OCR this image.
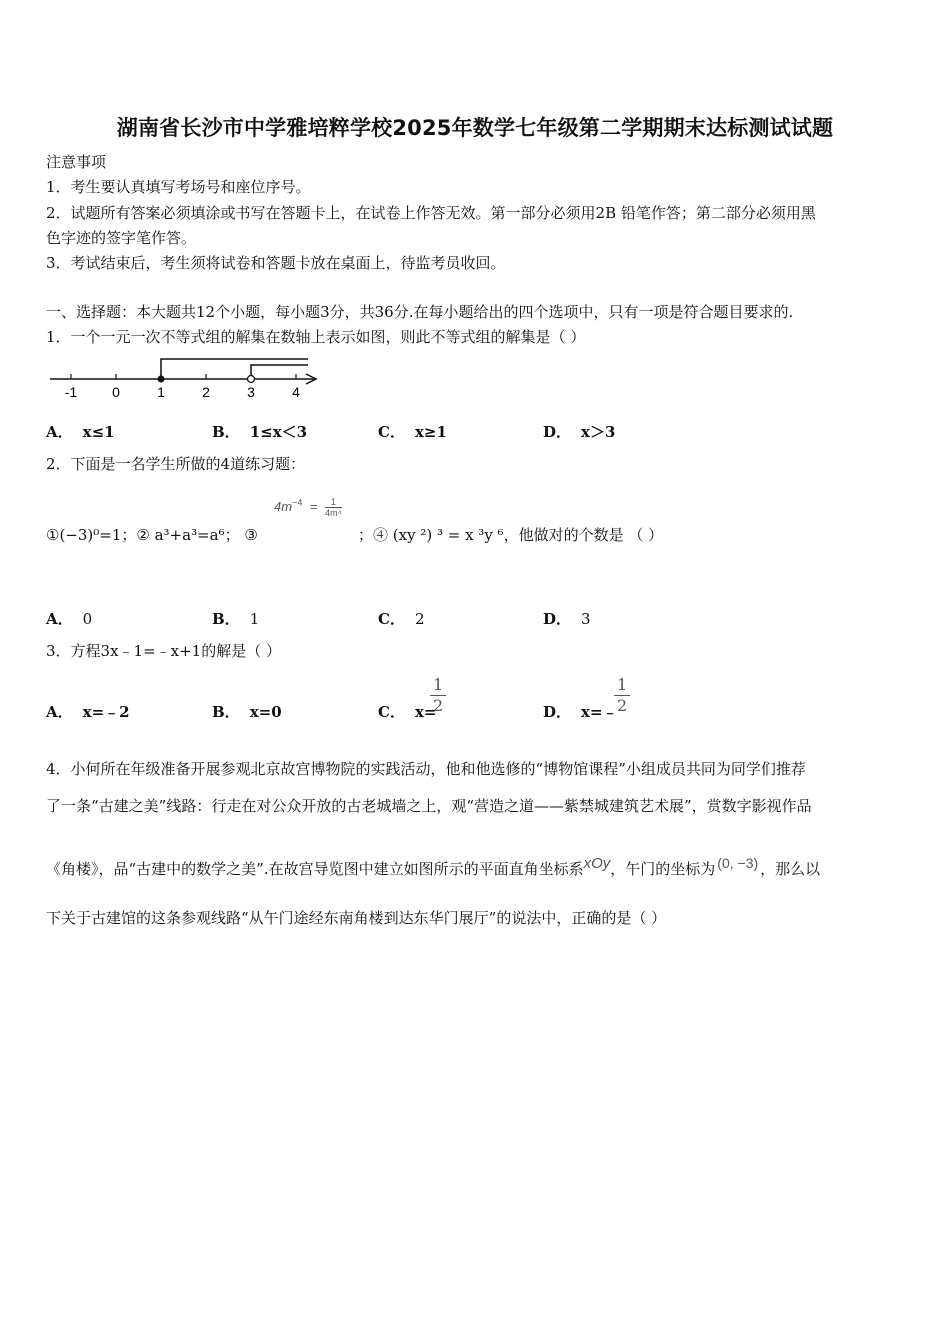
湖南省长沙市中学雅培粹学校2025年数学七年级第二学期期末达标测试试题
注意事项
1．考生要认真填写考场号和座位序号。
2．试题所有答案必须填涂或书写在答题卡上，在试卷上作答无效。第一部分必须用2B 铅笔作答；第二部分必须用黑
色字迹的签字笔作答。
3．考试结束后，考生须将试卷和答题卡放在桌面上，待监考员收回。
一、选择题：本大题共12个小题，每小题3分，共36分.在每小题给出的四个选项中，只有一项是符合题目要求的.
1．一个一元一次不等式组的解集在数轴上表示如图，则此不等式组的解集是（ ）
-1 0	1	2	3	4
A． x≤1	B． 1≤x＜3	C． x≥1	D． x＞3
2．下面是一名学生所做的4道练习题：
$4m^{-4} = \frac{1}{\text{4m⁴}}$
①(−3)⁰=1；② a³+a³=a⁶； ③	；④ (xy ²) ³ = x ³y ⁶，他做对的个数是 （ ）
A． 0	B． 1	C． 2	D． 3
3．方程3x﹣1=﹣x+1的解是（ ）
A． x=﹣2	B． x=0	C． x=
$\frac{1}{2}$	D． x=﹣
$\frac{1}{2}$
4．小何所在年级准备开展参观北京故宫博物院的实践活动，他和他选修的“博物馆课程”小组成员共同为同学们推荐
了一条“古建之美”线路：行走在对公众开放的古老城墙之上，观“营造之道——紫禁城建筑艺术展”，赏数字影视作品
《角楼》，品“古建中的数学之美”.在故宫导览图中建立如图所示的平面直角坐标系xOy，午门的坐标为 (0, −3) ，那么以
下关于古建馆的这条参观线路“从午门途经东南角楼到达东华门展厅”的说法中，正确的是（ ）
